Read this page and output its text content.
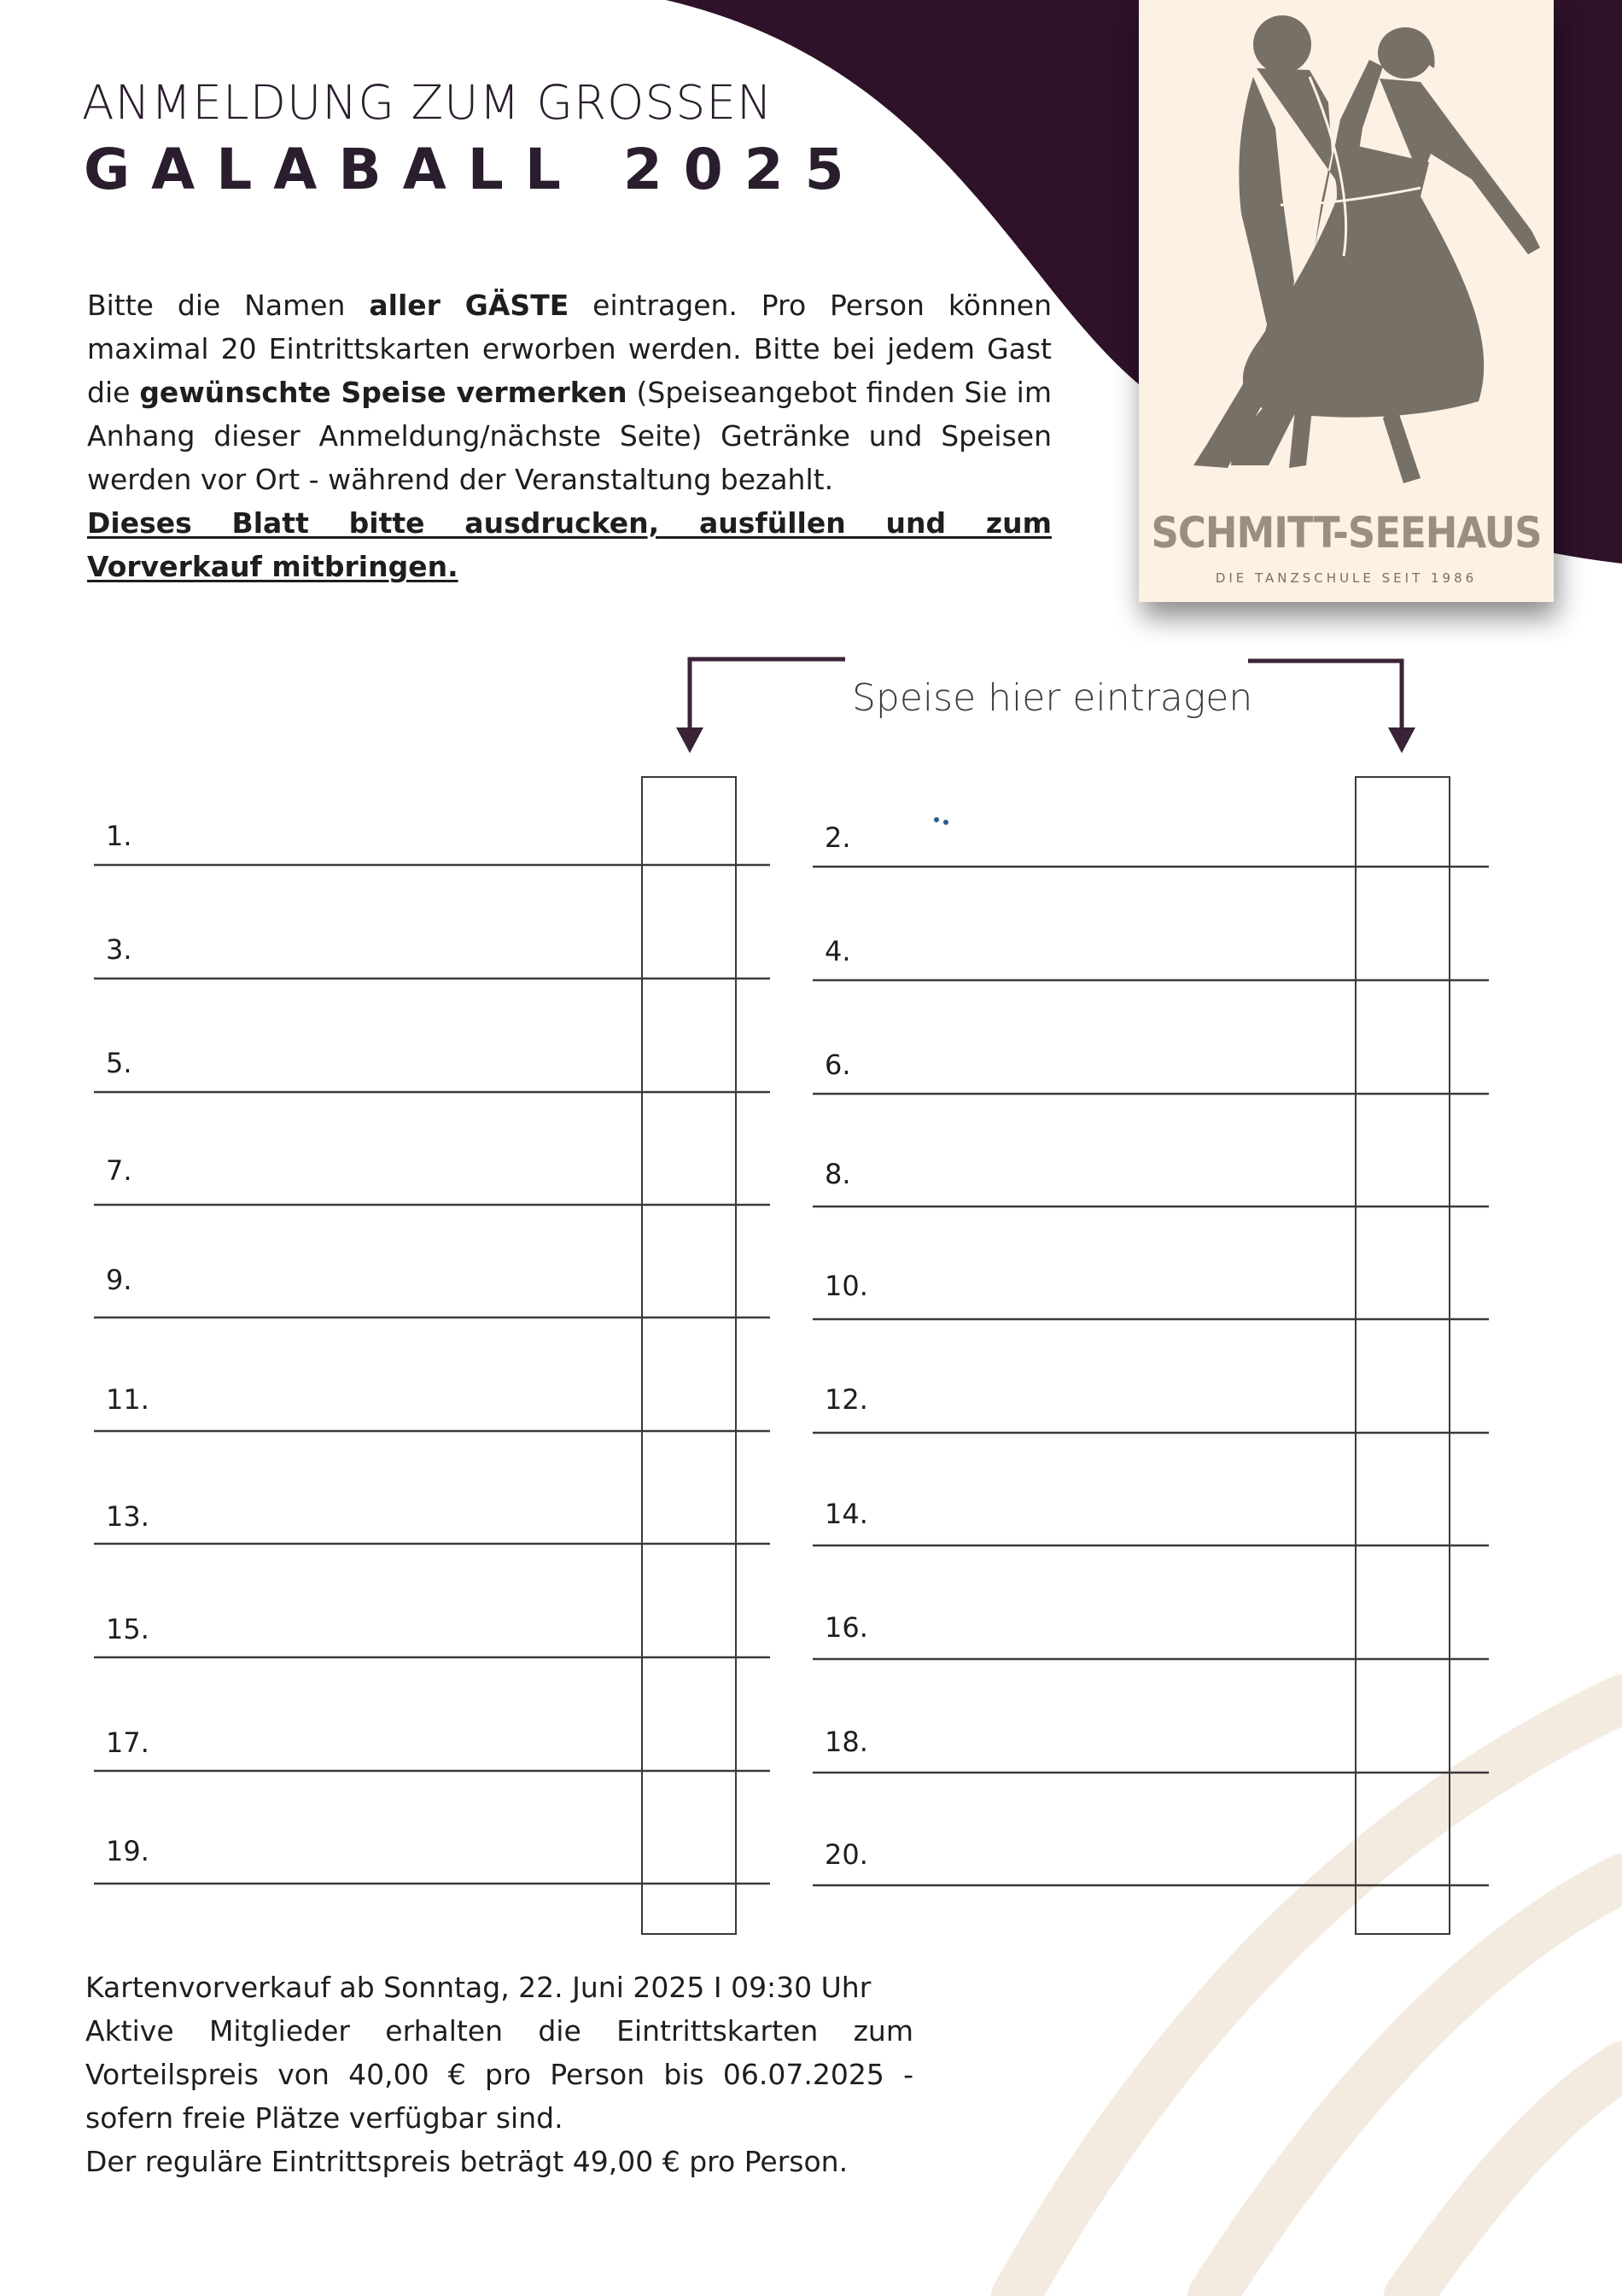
ANMELDUNG ZUM GROSSEN
GALABALL 2025
Bitte die Namen aller GÄSTE eintragen. Pro Person können maximal 20 Eintrittskarten erworben werden. Bitte bei jedem Gast die gewünschte Speise vermerken (Speiseangebot finden Sie im Anhang dieser Anmeldung/nächste Seite) Getränke und Speisen werden vor Ort - während der Veranstaltung bezahlt.
Dieses Blatt bitte ausdrucken, ausfüllen und zum Vorverkauf mitbringen.
SCHMITT-SEEHAUS
DIE TANZSCHULE SEIT 1986
Speise hier eintragen
1.
3.
5.
7.
9.
11.
13.
15.
17.
19.
2.
4.
6.
8.
10.
12.
14.
16.
18.
20.
Kartenvorverkauf ab Sonntag, 22. Juni 2025 I 09:30 Uhr
Aktive Mitglieder erhalten die Eintrittskarten zum Vorteilspreis von 40,00 € pro Person bis 06.07.2025 - sofern freie Plätze verfügbar sind.
Der reguläre Eintrittspreis beträgt 49,00 € pro Person.
